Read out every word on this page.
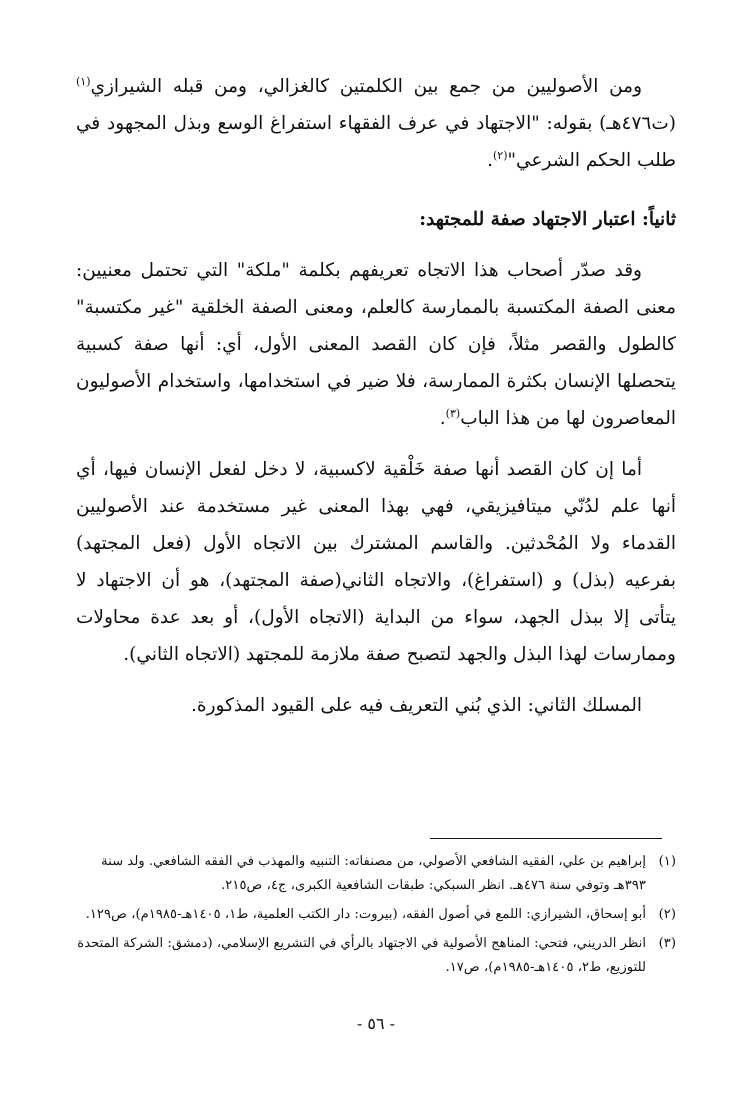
ومن الأصوليين من جمع بين الكلمتين كالغزالي، ومن قبله الشيرازي$^{(١)}$ (ت٤٧٦هـ) بقوله: "الاجتهاد في عرف الفقهاء استفراغ الوسع وبذل المجهود في طلب الحكم الشرعي"$^{(٢)}$.

ثانياً: اعتبار الاجتهاد صفة للمجتهد:

وقد صدّر أصحاب هذا الاتجاه تعريفهم بكلمة "ملكة" التي تحتمل معنيين: معنى الصفة المكتسبة بالممارسة كالعلم، ومعنى الصفة الخلقية "غير مكتسبة" كالطول والقصر مثلاً، فإن كان القصد المعنى الأول، أي: أنها صفة كسبية يتحصلها الإنسان بكثرة الممارسة، فلا ضير في استخدامها، واستخدام الأصوليون المعاصرون لها من هذا الباب$^{(٣)}$.

أما إن كان القصد أنها صفة خَلْقية لاكسبية، لا دخل لفعل الإنسان فيها، أي أنها علم لدُنّي ميتافيزيقي، فهي بهذا المعنى غير مستخدمة عند الأصوليين القدماء ولا المُحْدثين. والقاسم المشترك بين الاتجاه الأول (فعل المجتهد) بفرعيه (بذل) و (استفراغ)، والاتجاه الثاني(صفة المجتهد)، هو أن الاجتهاد لا يتأتى إلا ببذل الجهد، سواء من البداية (الاتجاه الأول)، أو بعد عدة محاولات وممارسات لهذا البذل والجهد لتصبح صفة ملازمة للمجتهد (الاتجاه الثاني).

المسلك الثاني: الذي بُني التعريف فيه على القيود المذكورة.

(١)
إبراهيم بن علي، الفقيه الشافعي الأصولي، من مصنفاته: التنبيه والمهذب في الفقه الشافعي. ولد سنة ٣٩٣هـ وتوفي سنة ٤٧٦هـ. انظر السبكي: طبقات الشافعية الكبرى، ج٤، ص٢١٥.

(٢)
أبو إسحاق، الشيرازي: اللمع في أصول الفقه، (بيروت: دار الكتب العلمية، ط١، ١٤٠٥هـ-١٩٨٥م)، ص١٢٩.

(٣)
انظر الدريني، فتحي: المناهج الأصولية في الاجتهاد بالرأي في التشريع الإسلامي، (دمشق: الشركة المتحدة للتوزيع، ط٢، ١٤٠٥هـ-١٩٨٥م)، ص١٧.

- ٥٦ -
